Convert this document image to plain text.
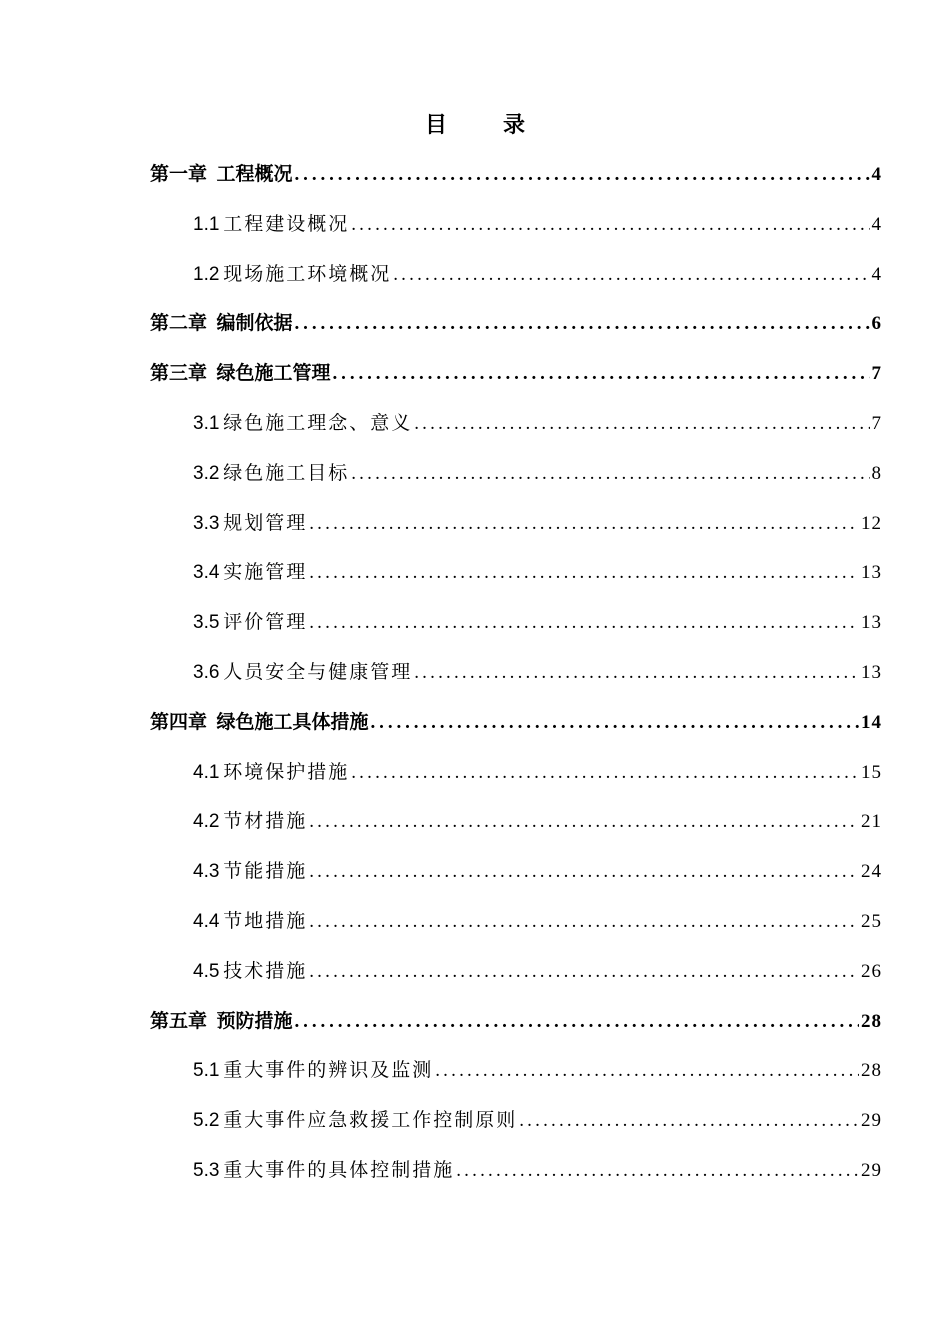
目	录
第一章  工程概况 .....	4
1.1  工程建设概况 .....	4
1.2  现场施工环境概况 .....	4
第二章  编制依据 .....	6
第三章  绿色施工管理 .....	7
3.1  绿色施工理念、意义 .....	7
3.2  绿色施工目标 .....	8
3.3  规划管理 .....	12
3.4  实施管理 .....	13
3.5  评价管理 .....	13
3.6  人员安全与健康管理 .....	13
第四章  绿色施工具体措施 .....	14
4.1  环境保护措施 .....	15
4.2  节材措施 .....	21
4.3  节能措施 .....	24
4.4  节地措施 .....	25
4.5  技术措施 .....	26
第五章  预防措施 .....	28
5.1  重大事件的辨识及监测 .....	28
5.2  重大事件应急救援工作控制原则 .....	29
5.3  重大事件的具体控制措施 .....	29
